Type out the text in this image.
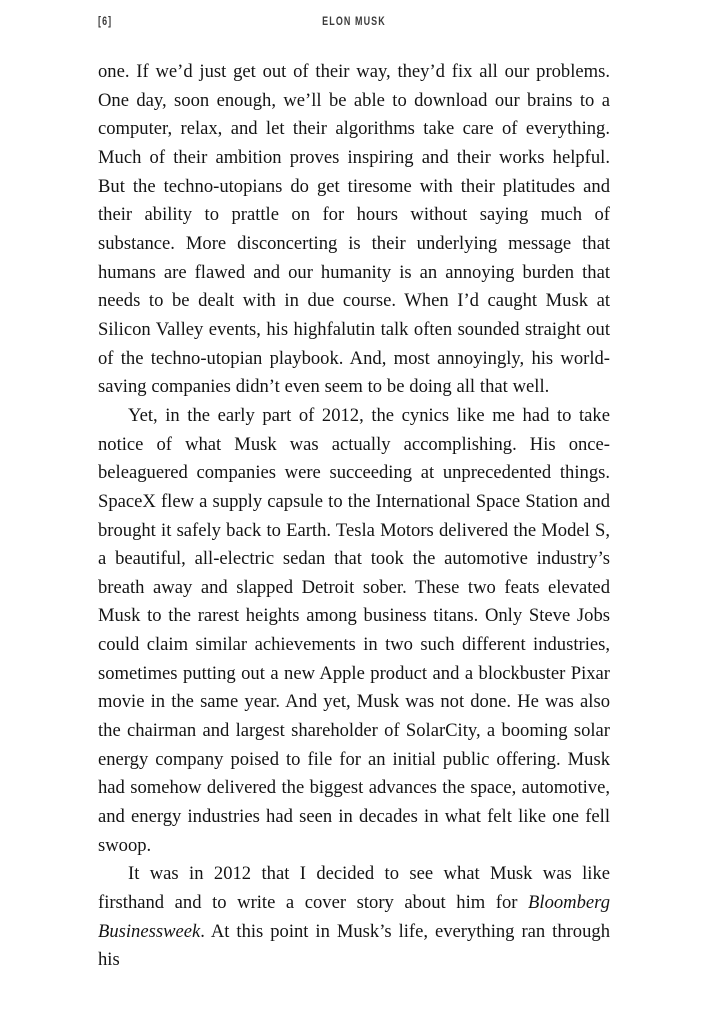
[6]	ELON MUSK

one. If we’d just get out of their way, they’d fix all our problems. One day, soon enough, we’ll be able to download our brains to a computer, relax, and let their algorithms take care of everything. Much of their ambition proves inspiring and their works helpful. But the techno-utopians do get tiresome with their platitudes and their ability to prattle on for hours without saying much of substance. More disconcerting is their underlying message that humans are flawed and our humanity is an annoying burden that needs to be dealt with in due course. When I’d caught Musk at Silicon Valley events, his highfalutin talk often sounded straight out of the techno-utopian playbook. And, most annoyingly, his world-saving companies didn’t even seem to be doing all that well.

Yet, in the early part of 2012, the cynics like me had to take notice of what Musk was actually accomplishing. His once-beleaguered companies were succeeding at unprecedented things. SpaceX flew a supply capsule to the International Space Station and brought it safely back to Earth. Tesla Motors delivered the Model S, a beautiful, all-electric sedan that took the automotive industry’s breath away and slapped Detroit sober. These two feats elevated Musk to the rarest heights among business titans. Only Steve Jobs could claim similar achievements in two such different industries, sometimes putting out a new Apple product and a blockbuster Pixar movie in the same year. And yet, Musk was not done. He was also the chairman and largest shareholder of SolarCity, a booming solar energy company poised to file for an initial public offering. Musk had somehow delivered the biggest advances the space, automotive, and energy industries had seen in decades in what felt like one fell swoop.

It was in 2012 that I decided to see what Musk was like firsthand and to write a cover story about him for Bloomberg Businessweek. At this point in Musk’s life, everything ran through his
